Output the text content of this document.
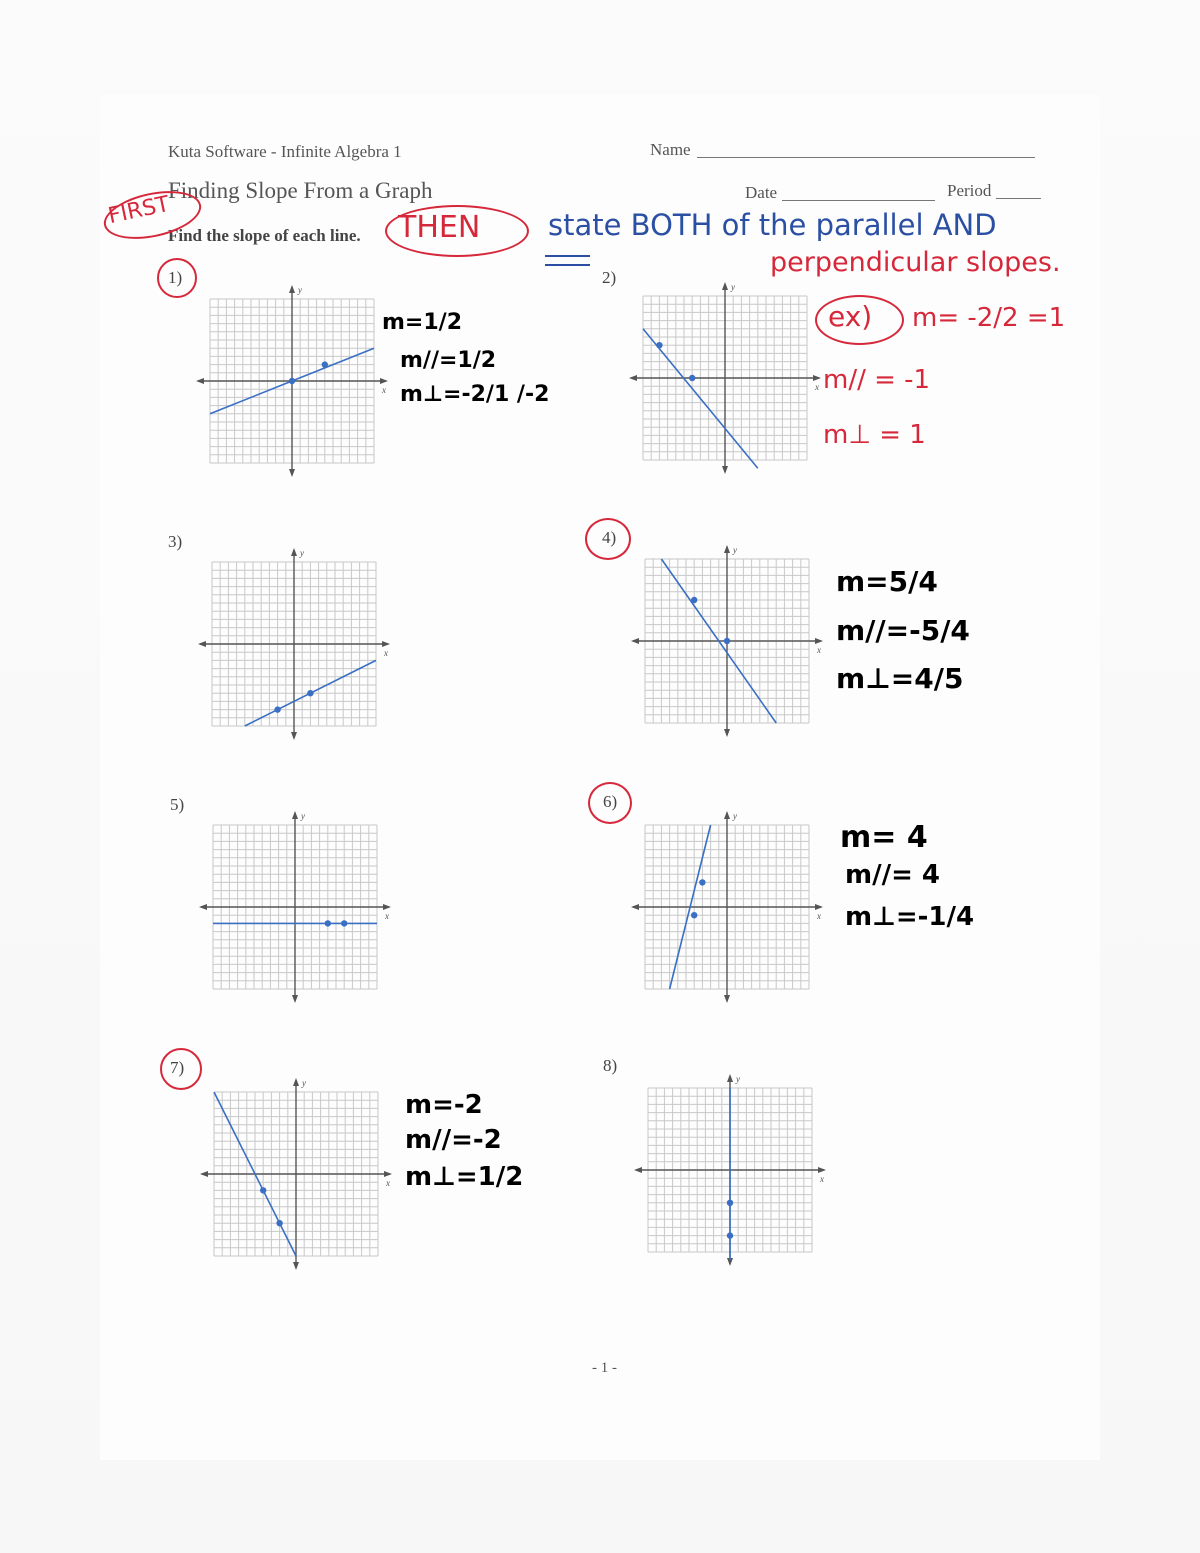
Kuta Software - Infinite Algebra 1	Name
Finding Slope From a Graph	Date	Period
Find the slope of each line.
FIRST	THEN state BOTH of the parallel AND
perpendicular slopes.
ex) m= -2/2 =1
m// = -1
m⊥ = 1
1)	2)
3)	4)
5)	6)
7)	8)
y
x
y
x
y
x
y
x
y
x
y
x
y
x
y
x
m=1/2
m//=1/2
m⊥=-2/1 /-2
m=5/4
m//=-5/4
m⊥=4/5
m= 4
m//= 4
m⊥=-1/4
m=-2
m//=-2
m⊥=1/2
- 1 -
